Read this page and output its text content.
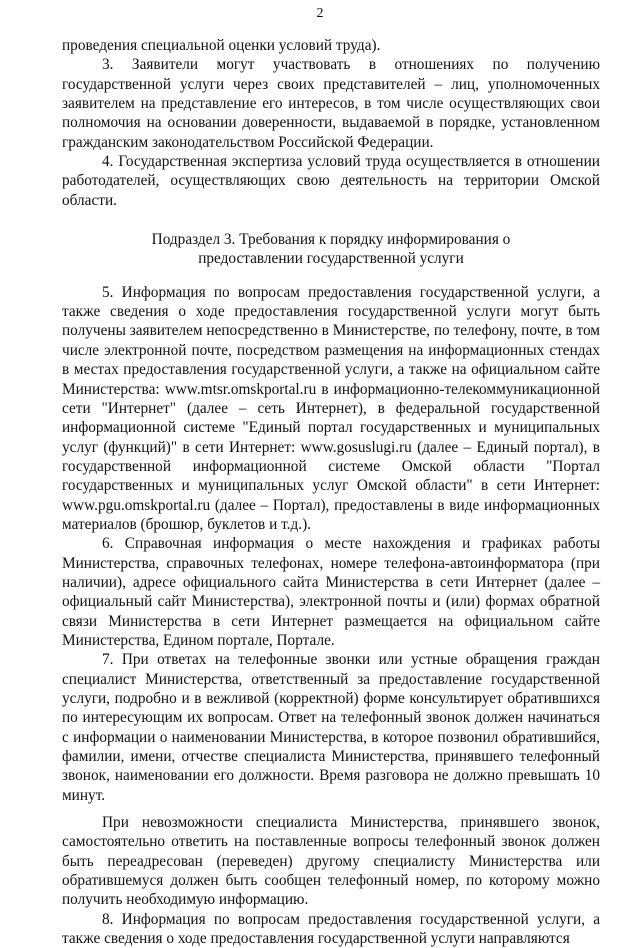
2

проведения специальной оценки условий труда).

3. Заявители могут участвовать в отношениях по получению государственной услуги через своих представителей – лиц, уполномоченных заявителем на представление его интересов, в том числе осуществляющих свои полномочия на основании доверенности, выдаваемой в порядке, установленном гражданским законодательством Российской Федерации.

4. Государственная экспертиза условий труда осуществляется в отношении работодателей, осуществляющих свою деятельность на территории Омской области.

Подраздел 3. Требования к порядку информирования о
предоставлении государственной услуги

5. Информация по вопросам предоставления государственной услуги, а также сведения о ходе предоставления государственной услуги могут быть получены заявителем непосредственно в Министерстве, по телефону, почте, в том числе электронной почте, посредством размещения на информационных стендах в местах предоставления государственной услуги, а также на официальном сайте Министерства: www.mtsr.omskportal.ru в информационно-телекоммуникационной сети "Интернет" (далее – сеть Интернет), в федеральной государственной информационной системе "Единый портал государственных и муниципальных услуг (функций)" в сети Интернет: www.gosuslugi.ru (далее – Единый портал), в государственной информационной системе Омской области "Портал государственных и муниципальных услуг Омской области" в сети Интернет: www.pgu.omskportal.ru (далее – Портал), предоставлены в виде информационных материалов (брошюр, буклетов и т.д.).

6. Справочная информация о месте нахождения и графиках работы Министерства, справочных телефонах, номере телефона-автоинформатора (при наличии), адресе официального сайта Министерства в сети Интернет (далее – официальный сайт Министерства), электронной почты и (или) формах обратной связи Министерства в сети Интернет размещается на официальном сайте Министерства, Едином портале, Портале.

7. При ответах на телефонные звонки или устные обращения граждан специалист Министерства, ответственный за предоставление государственной услуги, подробно и в вежливой (корректной) форме консультирует обратившихся по интересующим их вопросам. Ответ на телефонный звонок должен начинаться с информации о наименовании Министерства, в которое позвонил обратившийся, фамилии, имени, отчестве специалиста Министерства, принявшего телефонный звонок, наименовании его должности. Время разговора не должно превышать 10 минут.

При невозможности специалиста Министерства, принявшего звонок, самостоятельно ответить на поставленные вопросы телефонный звонок должен быть переадресован (переведен) другому специалисту Министерства или обратившемуся должен быть сообщен телефонный номер, по которому можно получить необходимую информацию.

8. Информация по вопросам предоставления государственной услуги, а также сведения о ходе предоставления государственной услуги направляются
